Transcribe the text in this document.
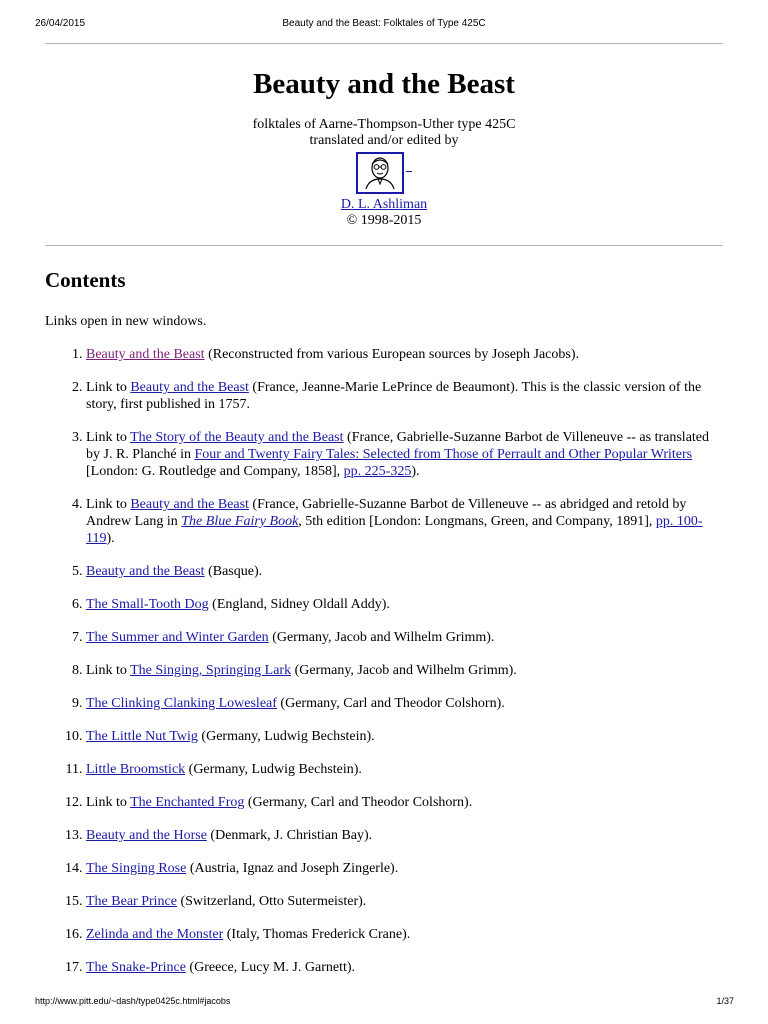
26/04/2015	Beauty and the Beast: Folktales of Type 425C
Beauty and the Beast
folktales of Aarne-Thompson-Uther type 425C
translated and/or edited by
D. L. Ashliman
© 1998-2015
Contents
Links open in new windows.
1. Beauty and the Beast (Reconstructed from various European sources by Joseph Jacobs).
2. Link to Beauty and the Beast (France, Jeanne-Marie LePrince de Beaumont). This is the classic version of the story, first published in 1757.
3. Link to The Story of the Beauty and the Beast (France, Gabrielle-Suzanne Barbot de Villeneuve -- as translated by J. R. Planché in Four and Twenty Fairy Tales: Selected from Those of Perrault and Other Popular Writers [London: G. Routledge and Company, 1858], pp. 225-325).
4. Link to Beauty and the Beast (France, Gabrielle-Suzanne Barbot de Villeneuve -- as abridged and retold by Andrew Lang in The Blue Fairy Book, 5th edition [London: Longmans, Green, and Company, 1891], pp. 100-119).
5. Beauty and the Beast (Basque).
6. The Small-Tooth Dog (England, Sidney Oldall Addy).
7. The Summer and Winter Garden (Germany, Jacob and Wilhelm Grimm).
8. Link to The Singing, Springing Lark (Germany, Jacob and Wilhelm Grimm).
9. The Clinking Clanking Lowesleaf (Germany, Carl and Theodor Colshorn).
10. The Little Nut Twig (Germany, Ludwig Bechstein).
11. Little Broomstick (Germany, Ludwig Bechstein).
12. Link to The Enchanted Frog (Germany, Carl and Theodor Colshorn).
13. Beauty and the Horse (Denmark, J. Christian Bay).
14. The Singing Rose (Austria, Ignaz and Joseph Zingerle).
15. The Bear Prince (Switzerland, Otto Sutermeister).
16. Zelinda and the Monster (Italy, Thomas Frederick Crane).
17. The Snake-Prince (Greece, Lucy M. J. Garnett).
http://www.pitt.edu/~dash/type0425c.html#jacobs	1/37
